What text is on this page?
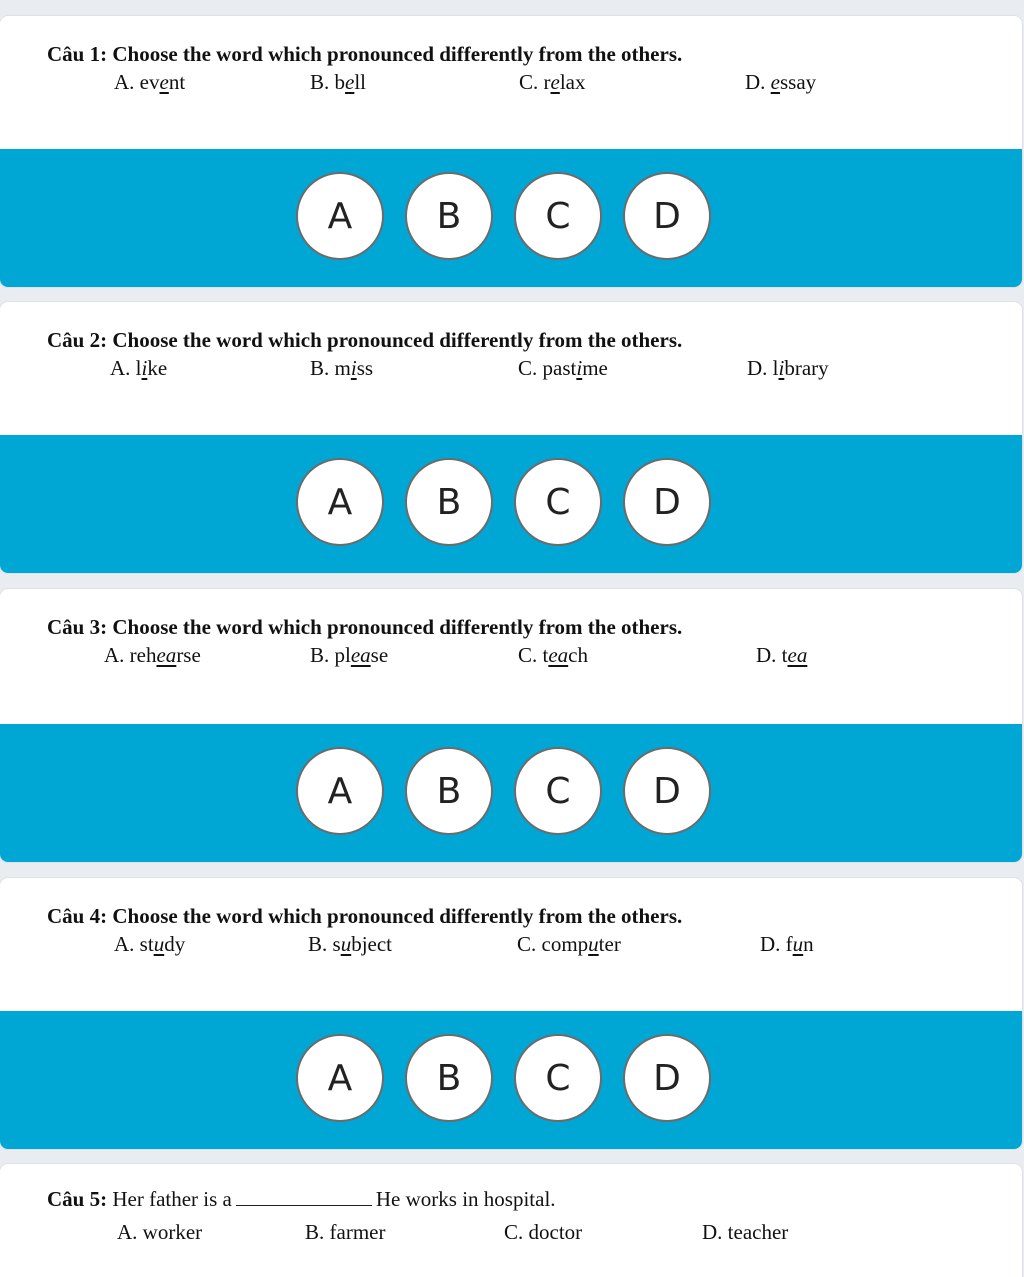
Câu 1: Choose the word which pronounced differently from the others.
A. event	B. bell	C. relax	D. essay
A	B	C	D
Câu 2: Choose the word which pronounced differently from the others.
A. like	B. miss	C. pastime	D. library
A	B	C	D
Câu 3: Choose the word which pronounced differently from the others.
A. rehearse	B. please	C. teach	D. tea
A	B	C	D
Câu 4: Choose the word which pronounced differently from the others.
A. study	B. subject	C. computer	D. fun
A	B	C	D
Câu 5: Her father is a	He works in hospital.
A. worker	B. farmer	C. doctor	D. teacher
